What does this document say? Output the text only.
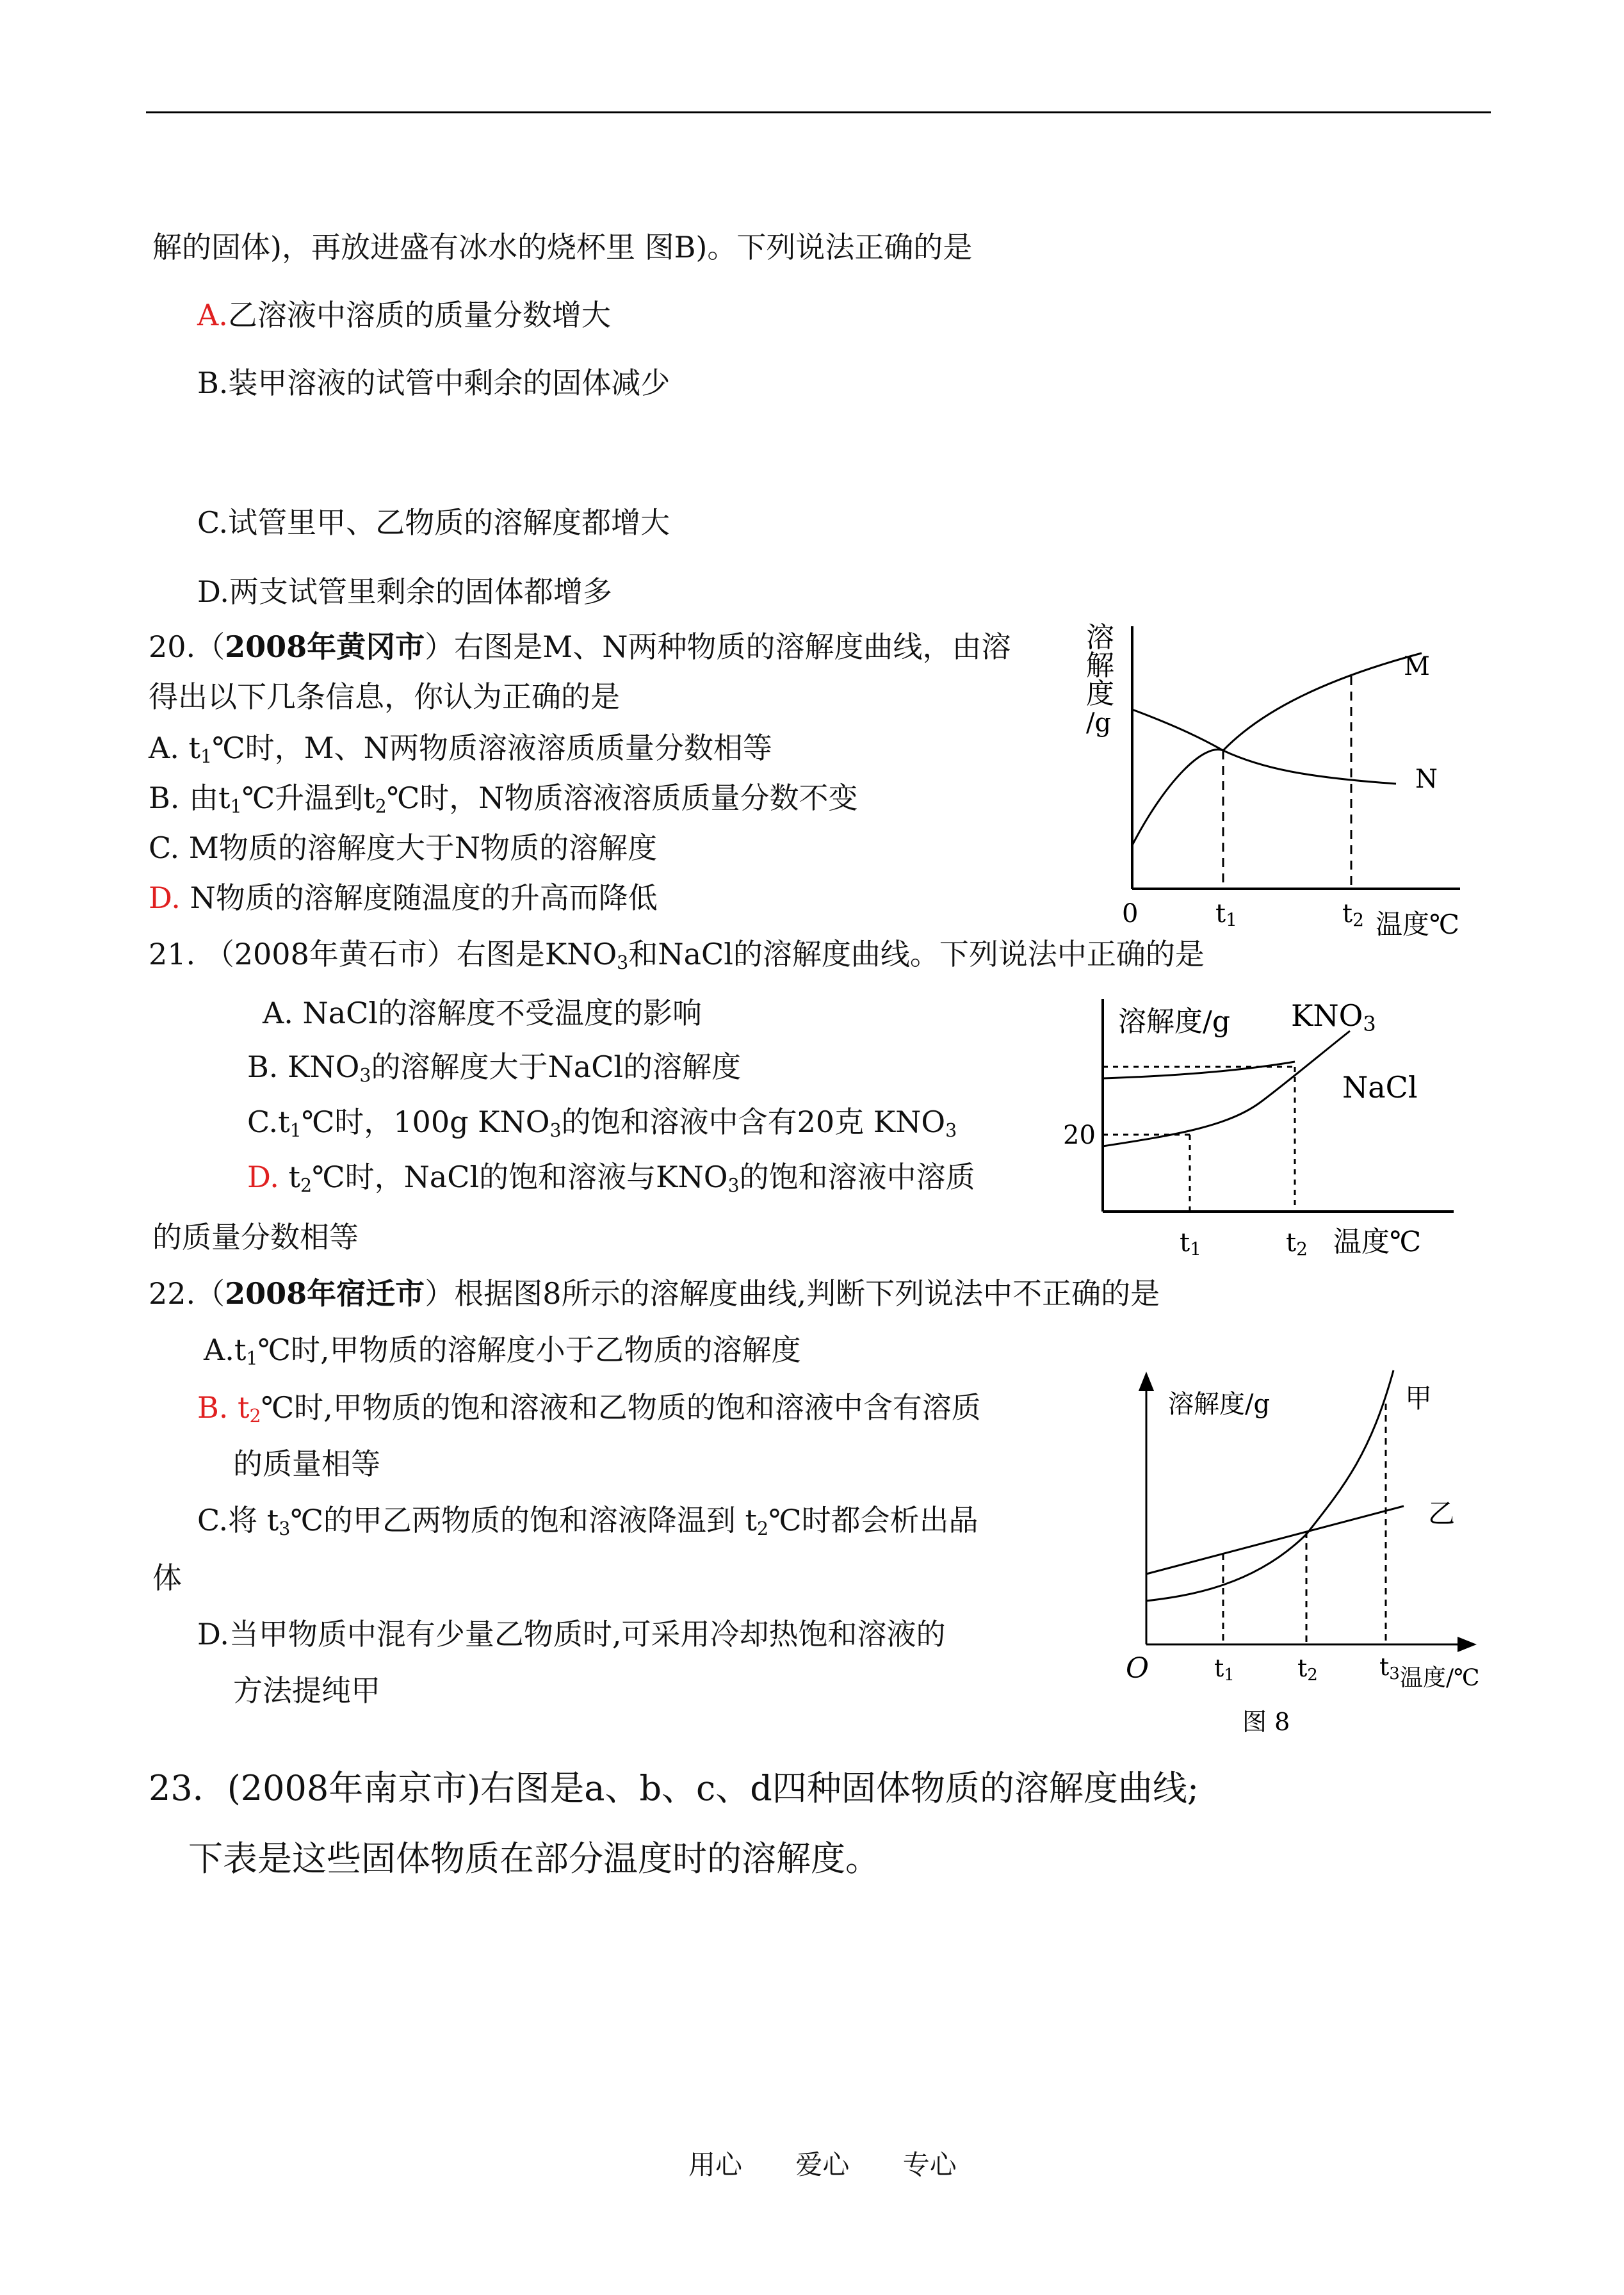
解的固体)，再放进盛有冰水的烧杯里 图B)。下列说法正确的是
A.乙溶液中溶质的质量分数增大
B.装甲溶液的试管中剩余的固体减少
C.试管里甲、乙物质的溶解度都增大
D.两支试管里剩余的固体都增多
20.（2008年黄冈市）右图是M、N两种物质的溶解度曲线，由溶
得出以下几条信息，你认为正确的是
A. $t_1℃$时，M、N两物质溶液溶质质量分数相等
B. 由$t_1℃$升温到$t_2℃$时，N物质溶液溶质质量分数不变
C. M物质的溶解度大于N物质的溶解度
D. N物质的溶解度随温度的升高而降低
溶
解
度
/g
M
N
0	t1	t2 温度℃
21. （2008年黄石市）右图是$KNO_3$和NaCl的溶解度曲线。下列说法中正确的是
A. NaCl的溶解度不受温度的影响
B. $KNO_3$的溶解度大于NaCl的溶解度
$C.t_1℃$时，100g $KNO_3$的饱和溶液中含有20克 $KNO_3$
D. $t_2℃$时，NaCl的饱和溶液与$KNO_3$的饱和溶液中溶质
的质量分数相等
溶解度/g KNO3
NaCl
20
t1	t2 温度℃
22.（2008年宿迁市）根据图8所示的溶解度曲线,判断下列说法中不正确的是
$A.t_1℃$时,甲物质的溶解度小于乙物质的溶解度
B. $t_2℃$时,甲物质的饱和溶液和乙物质的饱和溶液中含有溶质
的质量相等
C.将 $t_3℃$的甲乙两物质的饱和溶液降温到 $t_2℃$时都会析出晶
体
D.当甲物质中混有少量乙物质时,可采用冷却热饱和溶液的
方法提纯甲
溶解度/g	甲
乙
O	t1	t2	t3 温度/℃
图 8
23．(2008年南京市)右图是a、b、c、d四种固体物质的溶解度曲线;
下表是这些固体物质在部分温度时的溶解度。
用心 爱心 专心
